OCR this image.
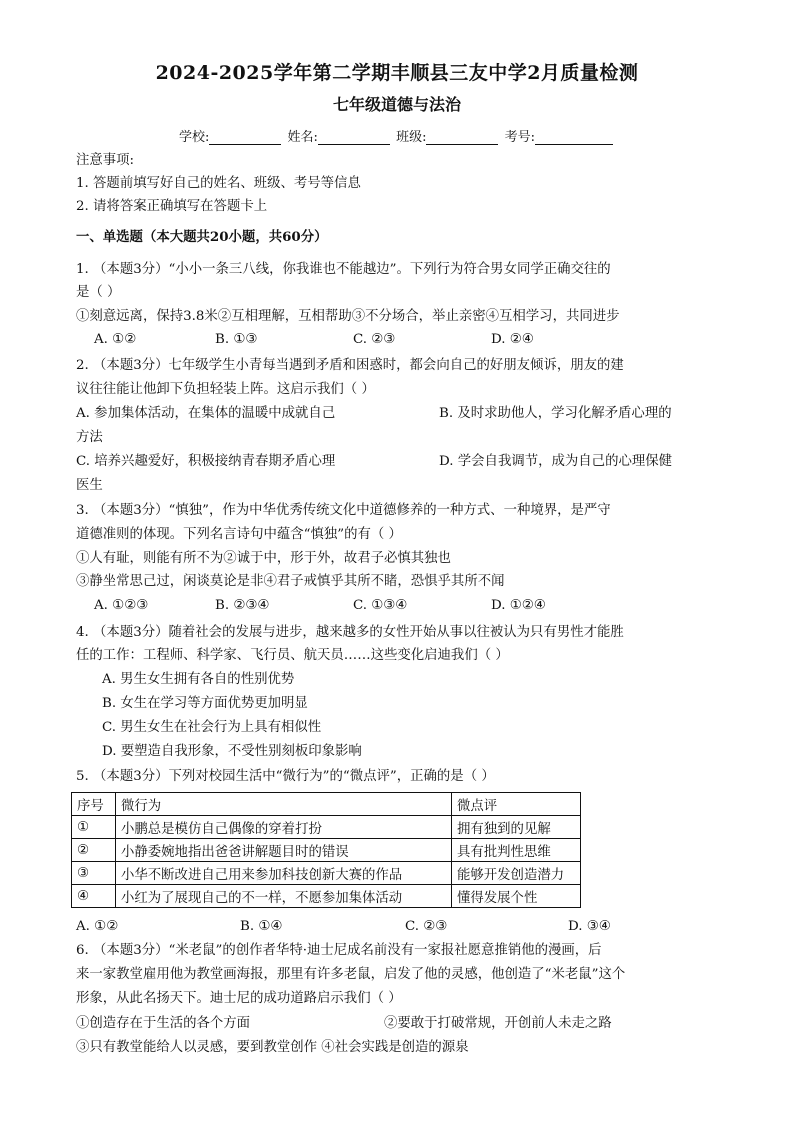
2024-2025学年第二学期丰顺县三友中学2月质量检测
七年级道德与法治
学校:	姓名:	班级:	考号:
注意事项:
1. 答题前填写好自己的姓名、班级、考号等信息
2. 请将答案正确填写在答题卡上
一、单选题（本大题共20小题，共60分）
1. （本题3分）“小小一条三八线，你我谁也不能越边”。下列行为符合男女同学正确交往的
是（ ）
①刻意远离，保持3.8米②互相理解，互相帮助③不分场合，举止亲密④互相学习，共同进步
A. ①②	B. ①③	C. ②③	D. ②④
2. （本题3分）七年级学生小青每当遇到矛盾和困惑时，都会向自己的好朋友倾诉，朋友的建
议往往能让他卸下负担轻装上阵。这启示我们（ ）
A. 参加集体活动，在集体的温暖中成就自己	B. 及时求助他人，学习化解矛盾心理的
方法
C. 培养兴趣爱好，积极接纳青春期矛盾心理	D. 学会自我调节，成为自己的心理保健
医生
3. （本题3分）“慎独”，作为中华优秀传统文化中道德修养的一种方式、一种境界，是严守
道德准则的体现。下列名言诗句中蕴含“慎独”的有（ ）
①人有耻，则能有所不为②诚于中，形于外，故君子必慎其独也
③静坐常思己过，闲谈莫论是非④君子戒慎乎其所不睹，恐惧乎其所不闻
A. ①②③	B. ②③④	C. ①③④	D. ①②④
4. （本题3分）随着社会的发展与进步，越来越多的女性开始从事以往被认为只有男性才能胜
任的工作：工程师、科学家、飞行员、航天员……这些变化启迪我们（ ）
A. 男生女生拥有各自的性别优势
B. 女生在学习等方面优势更加明显
C. 男生女生在社会行为上具有相似性
D. 要塑造自我形象，不受性别刻板印象影响
5. （本题3分）下列对校园生活中“微行为”的“微点评”，正确的是（ ）
序号	微行为	微点评
①	小鹏总是模仿自己偶像的穿着打扮	拥有独到的见解
②	小静委婉地指出爸爸讲解题目时的错误	具有批判性思维
③	小华不断改进自己用来参加科技创新大赛的作品	能够开发创造潜力
④	小红为了展现自己的不一样，不愿参加集体活动	懂得发展个性
A. ①②	B. ①④	C. ②③	D. ③④
6. （本题3分）“米老鼠”的创作者华特·迪士尼成名前没有一家报社愿意推销他的漫画，后
来一家教堂雇用他为教堂画海报，那里有许多老鼠，启发了他的灵感，他创造了“米老鼠”这个
形象，从此名扬天下。迪士尼的成功道路启示我们（ ）
①创造存在于生活的各个方面	②要敢于打破常规，开创前人未走之路
③只有教堂能给人以灵感，要到教堂创作 ④社会实践是创造的源泉
